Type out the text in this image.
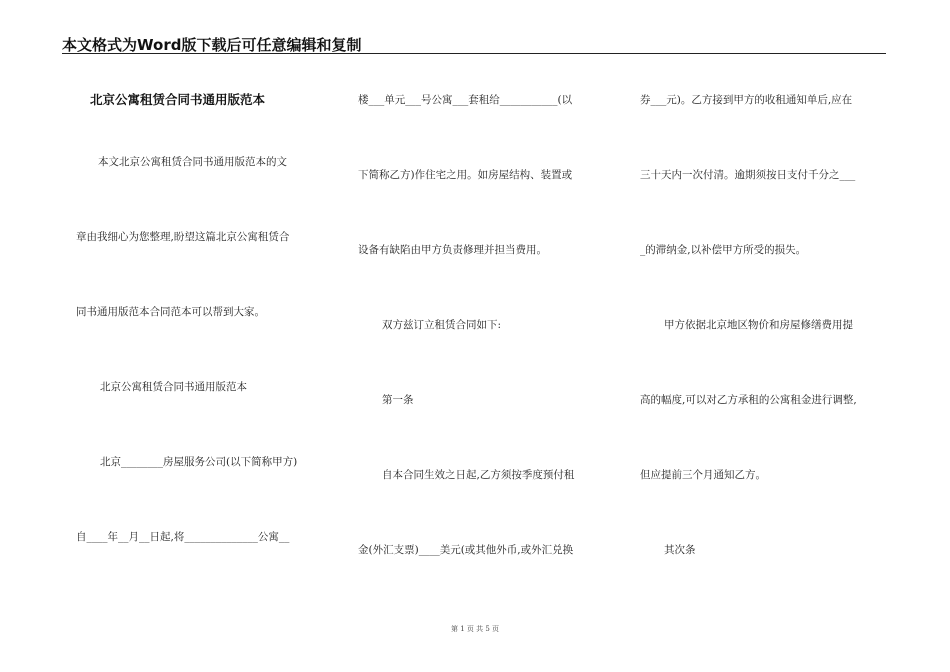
本文格式为Word版下载后可任意编辑和复制
北京公寓租赁合同书通用版范本
本文北京公寓租赁合同书通用版范本的文
章由我细心为您整理,盼望这篇北京公寓租赁合
同书通用版范本合同范本可以帮到大家。
北京公寓租赁合同书通用版范本
北京________房屋服务公司(以下简称甲方)
自____年__月__日起,将______________公寓__
楼___单元___号公寓___套租给___________(以
下简称乙方)作住宅之用。如房屋结构、装置或
设备有缺陷由甲方负责修理并担当费用。
双方兹订立租赁合同如下:
第一条
自本合同生效之日起,乙方须按季度预付租
金(外汇支票)____美元(或其他外币,或外汇兑换
券___元)。乙方接到甲方的收租通知单后,应在
三十天内一次付清。逾期须按日支付千分之___
_的滞纳金,以补偿甲方所受的损失。
甲方依据北京地区物价和房屋修缮费用提
高的幅度,可以对乙方承租的公寓租金进行调整,
但应提前三个月通知乙方。
其次条
第 1 页 共 5 页
